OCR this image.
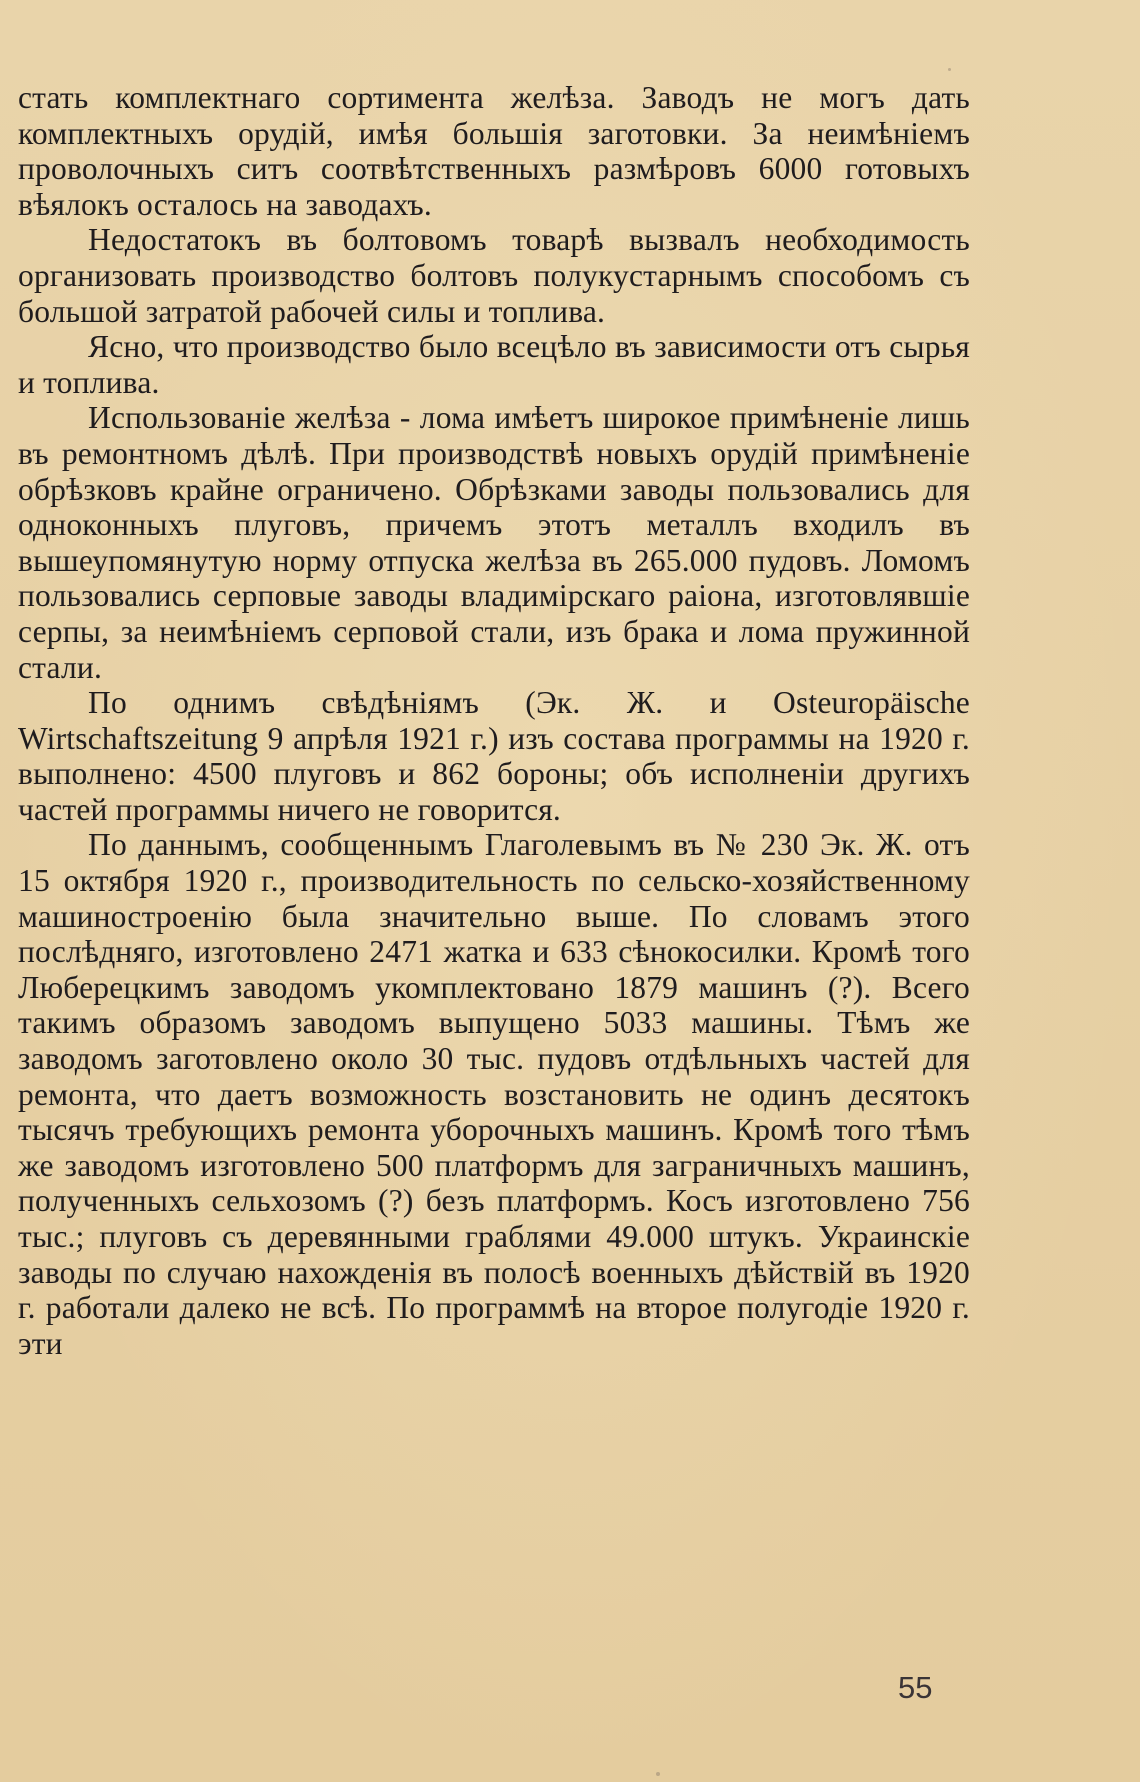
стать комплектнаго сортимента желѣза. Заводъ не могъ дать комплектныхъ орудій, имѣя большія заготовки. За неимѣніемъ проволочныхъ ситъ соотвѣтственныхъ размѣровъ 6000 готовыхъ вѣялокъ осталось на заводахъ.

Недостатокъ въ болтовомъ товарѣ вызвалъ необходимость организовать производство болтовъ полукустарнымъ способомъ съ большой затратой рабочей силы и топлива.

Ясно, что производство было всецѣло въ зависимости отъ сырья и топлива.

Использованіе желѣза - лома имѣетъ широкое примѣненіе лишь въ ремонтномъ дѣлѣ. При производствѣ новыхъ орудій примѣненіе обрѣзковъ крайне ограничено. Обрѣзками заводы пользовались для одноконныхъ плуговъ, причемъ этотъ металлъ входилъ въ вышеупомянутую норму отпуска желѣза въ 265.000 пудовъ. Ломомъ пользовались серповые заводы владимірскаго раіона, изготовлявшіе серпы, за неимѣніемъ серповой стали, изъ брака и лома пружинной стали.

По однимъ свѣдѣніямъ (Эк. Ж. и Osteuropäische Wirtschaftszeitung 9 апрѣля 1921 г.) изъ состава программы на 1920 г. выполнено: 4500 плуговъ и 862 бороны; объ исполненіи другихъ частей программы ничего не говорится.

По даннымъ, сообщеннымъ Глаголевымъ въ № 230 Эк. Ж. отъ 15 октября 1920 г., производительность по сельско-хозяйственному машиностроенію была значительно выше. По словамъ этого послѣдняго, изготовлено 2471 жатка и 633 сѣнокосилки. Кромѣ того Люберецкимъ заводомъ укомплектовано 1879 машинъ (?). Всего такимъ образомъ заводомъ выпущено 5033 машины. Тѣмъ же заводомъ заготовлено около 30 тыс. пудовъ отдѣльныхъ частей для ремонта, что даетъ возможность возстановить не одинъ десятокъ тысячъ требующихъ ремонта уборочныхъ машинъ. Кромѣ того тѣмъ же заводомъ изготовлено 500 платформъ для заграничныхъ машинъ, полученныхъ сельхозомъ (?) безъ платформъ. Косъ изготовлено 756 тыс.; плуговъ съ деревянными граблями 49.000 штукъ. Украинскіе заводы по случаю нахожденія въ полосѣ военныхъ дѣйствій въ 1920 г. работали далеко не всѣ. По программѣ на второе полугодіе 1920 г. эти

55
